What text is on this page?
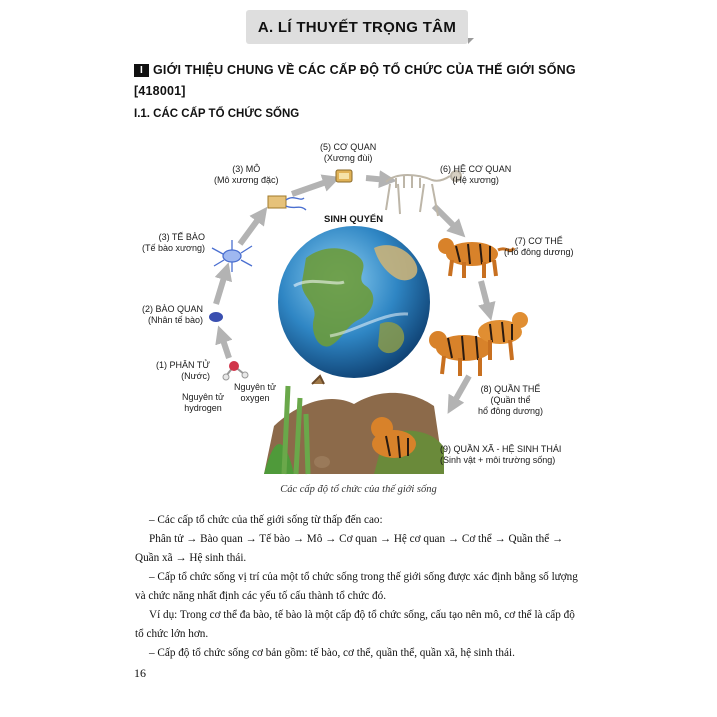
A. LÍ THUYẾT TRỌNG TÂM
I GIỚI THIỆU CHUNG VỀ CÁC CẤP ĐỘ TỔ CHỨC CỦA THẾ GIỚI SỐNG
[418001]
I.1. CÁC CẤP TỔ CHỨC SỐNG
(1) PHÂN TỬ
(Nước)
(2) BÀO QUAN
(Nhân tế bào)
(3) TẾ BÀO
(Tế bào xương)
(3) MÔ
(Mô xương đặc)
(5) CƠ QUAN
(Xương đùi)
(6) HỆ CƠ QUAN
(Hệ xương)
(7) CƠ THỂ
(Hổ đông dương)
(8) QUẦN THỂ
(Quần thể
hổ đông dương)
(9) QUẦN XÃ - HỆ SINH THÁI
(Sinh vật + môi trường sống)
Nguyên tử
hydrogen
Nguyên tử
oxygen
SINH QUYỂN
Các cấp độ tổ chức của thế giới sống

– Các cấp tổ chức của thế giới sống từ thấp đến cao:

Phân tử → Bào quan → Tế bào → Mô → Cơ quan → Hệ cơ quan → Cơ thể → Quần thể → Quần xã → Hệ sinh thái.

– Cấp tổ chức sống vị trí của một tổ chức sống trong thế giới sống được xác định bằng số lượng và chức năng nhất định các yếu tố cấu thành tổ chức đó.

Ví dụ: Trong cơ thể đa bào, tế bào là một cấp độ tổ chức sống, cấu tạo nên mô, cơ thể là cấp độ tổ chức lớn hơn.

– Cấp độ tổ chức sống cơ bản gồm: tế bào, cơ thể, quần thể, quần xã, hệ sinh thái.

16
